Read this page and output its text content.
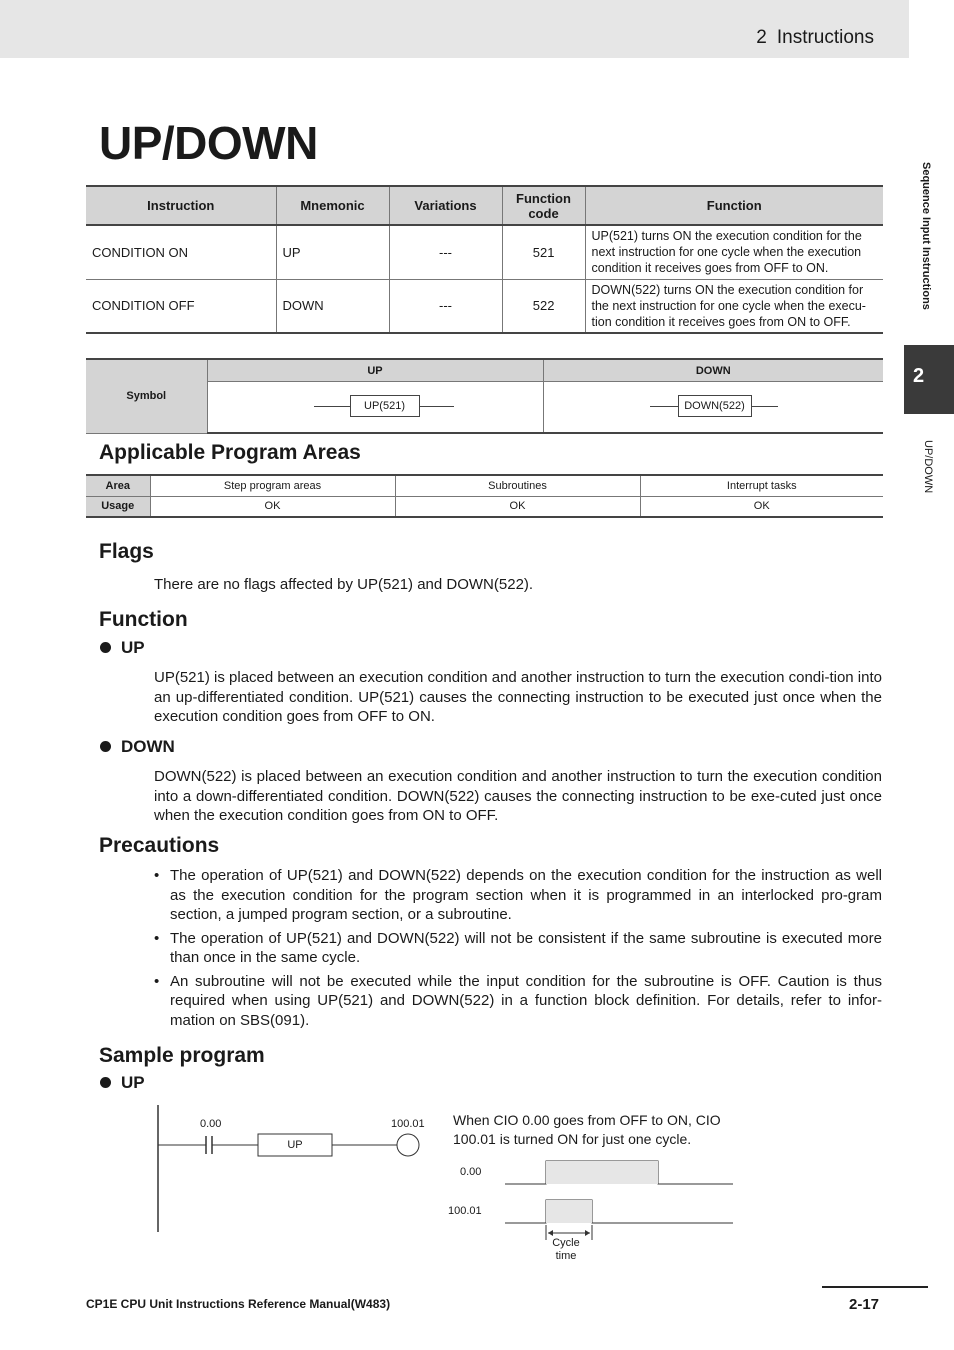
2 Instructions
Sequence Input Instructions
2
UP/DOWN
UP/DOWN
Instruction	Mnemonic	Variations	Function code	Function
CONDITION ON	UP	---	521	UP(521) turns ON the execution condition for the next instruction for one cycle when the execution condition it receives goes from OFF to ON.
CONDITION OFF	DOWN	---	522	DOWN(522) turns ON the execution condition for the next instruction for one cycle when the execu-tion condition it receives goes from ON to OFF.
Symbol	UP	DOWN

	UP(521)	DOWN(522)
Applicable Program Areas
Area	Step program areas	Subroutines	Interrupt tasks
Usage	OK	OK	OK
Flags

There are no flags affected by UP(521) and DOWN(522).

Function
UP

UP(521) is placed between an execution condition and another instruction to turn the execution condi-tion into an up-differentiated condition. UP(521) causes the connecting instruction to be executed just once when the execution condition goes from OFF to ON.

DOWN

DOWN(522) is placed between an execution condition and another instruction to turn the execution condition into a down-differentiated condition. DOWN(522) causes the connecting instruction to be exe-cuted just once when the execution condition goes from ON to OFF.

Precautions
• The operation of UP(521) and DOWN(522) depends on the execution condition for the instruction as well as the execution condition for the program section when it is programmed in an interlocked pro-gram section, a jumped program section, or a subroutine.
• The operation of UP(521) and DOWN(522) will not be consistent if the same subroutine is executed more than once in the same cycle.
• An subroutine will not be executed while the input condition for the subroutine is OFF. Caution is thus required when using UP(521) and DOWN(522) in a function block definition. For details, refer to infor-mation on SBS(091).
Sample program
UP
0.00
UP
100.01 When CIO 0.00 goes from OFF to ON, CIO 100.01 is turned ON for just one cycle.
0.00
100.01
Cycle
time
CP1E CPU Unit Instructions Reference Manual(W483)	2-17
